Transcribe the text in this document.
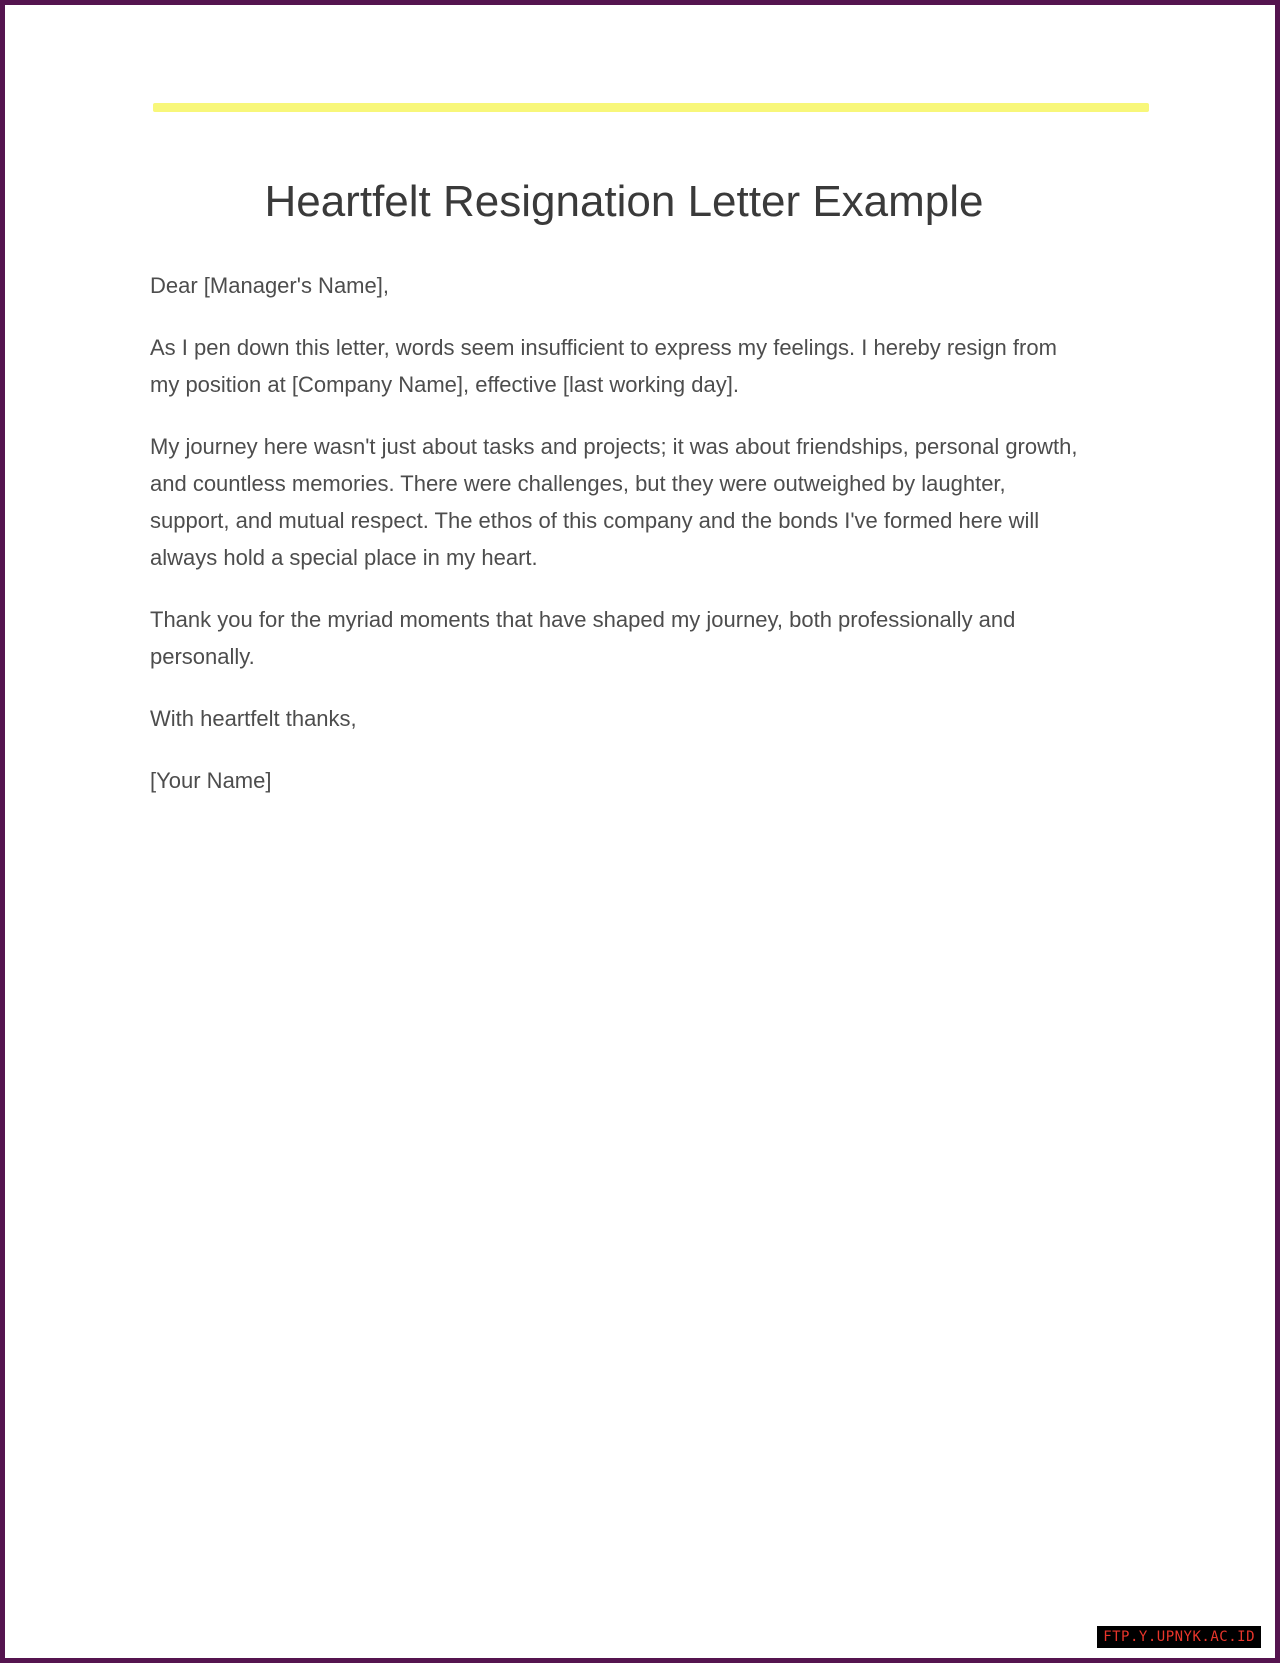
Heartfelt Resignation Letter Example

Dear [Manager's Name],

As I pen down this letter, words seem insufficient to express my feelings. I hereby resign from my position at [Company Name], effective [last working day].

My journey here wasn't just about tasks and projects; it was about friendships, personal growth, and countless memories. There were challenges, but they were outweighed by laughter, support, and mutual respect. The ethos of this company and the bonds I've formed here will always hold a special place in my heart.

Thank you for the myriad moments that have shaped my journey, both professionally and personally.

With heartfelt thanks,

[Your Name]

FTP.Y.UPNYK.AC.ID
